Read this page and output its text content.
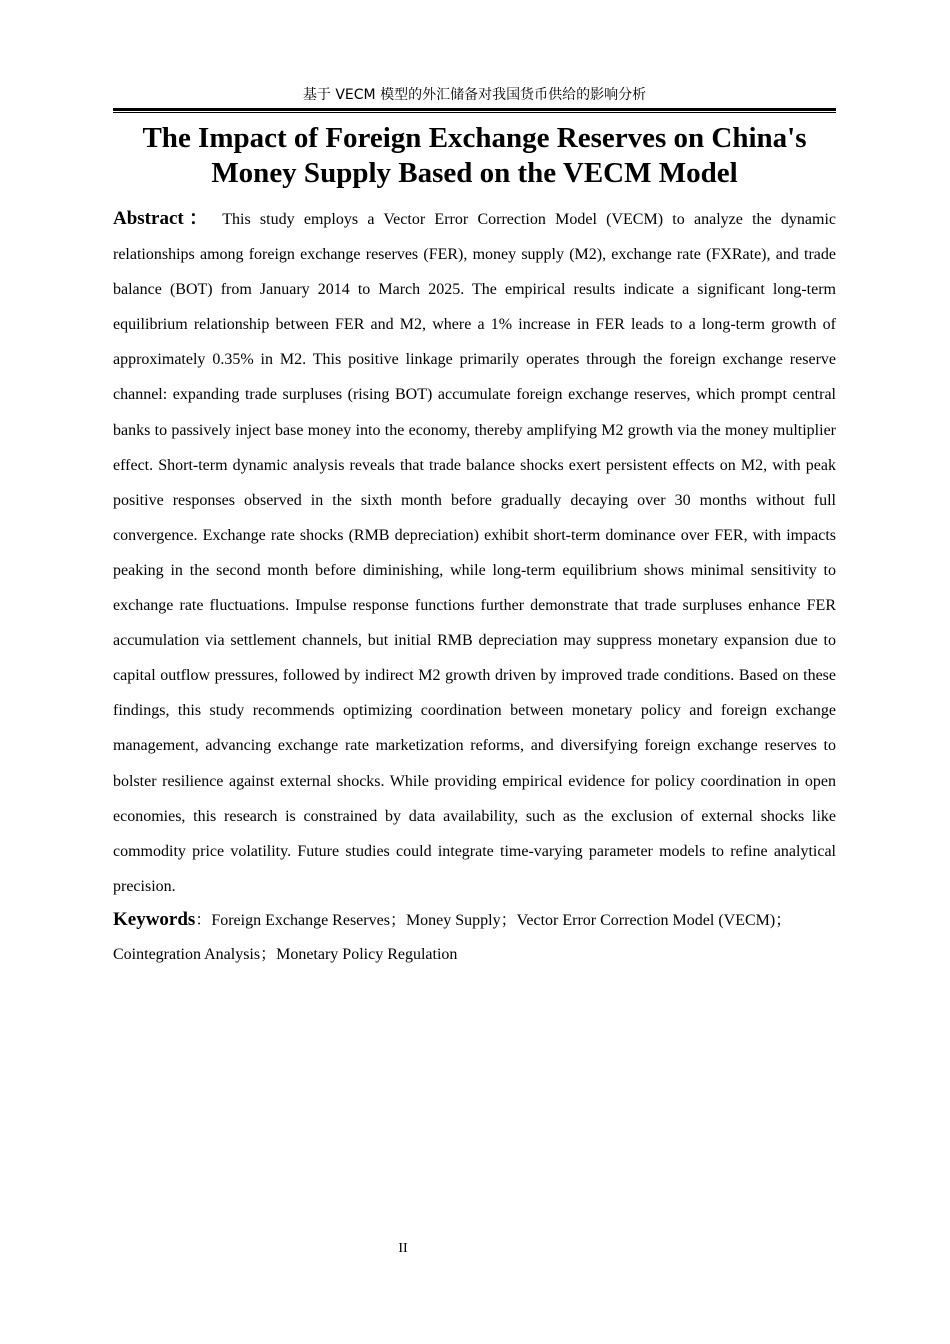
基于 VECM 模型的外汇储备对我国货币供给的影响分析
The Impact of Foreign Exchange Reserves on China's
Money Supply Based on the VECM Model

Abstract： This study employs a Vector Error Correction Model (VECM) to analyze the dynamic relationships among foreign exchange reserves (FER), money supply (M2), exchange rate (FXRate), and trade balance (BOT) from January 2014 to March 2025. The empirical results indicate a significant long-term equilibrium relationship between FER and M2, where a 1% increase in FER leads to a long-term growth of approximately 0.35% in M2. This positive linkage primarily operates through the foreign exchange reserve channel: expanding trade surpluses (rising BOT) accumulate foreign exchange reserves, which prompt central banks to passively inject base money into the economy, thereby amplifying M2 growth via the money multiplier effect. Short-term dynamic analysis reveals that trade balance shocks exert persistent effects on M2, with peak positive responses observed in the sixth month before gradually decaying over 30 months without full convergence. Exchange rate shocks (RMB depreciation) exhibit short-term dominance over FER, with impacts peaking in the second month before diminishing, while long-term equilibrium shows minimal sensitivity to exchange rate fluctuations. Impulse response functions further demonstrate that trade surpluses enhance FER accumulation via settlement channels, but initial RMB depreciation may suppress monetary expansion due to capital outflow pressures, followed by indirect M2 growth driven by improved trade conditions. Based on these findings, this study recommends optimizing coordination between monetary policy and foreign exchange management, advancing exchange rate marketization reforms, and diversifying foreign exchange reserves to bolster resilience against external shocks. While providing empirical evidence for policy coordination in open economies, this research is constrained by data availability, such as the exclusion of external shocks like commodity price volatility. Future studies could integrate time-varying parameter models to refine analytical precision.

Keywords：Foreign Exchange Reserves；Money Supply；Vector Error Correction Model (VECM)；Cointegration Analysis；Monetary Policy Regulation

II
